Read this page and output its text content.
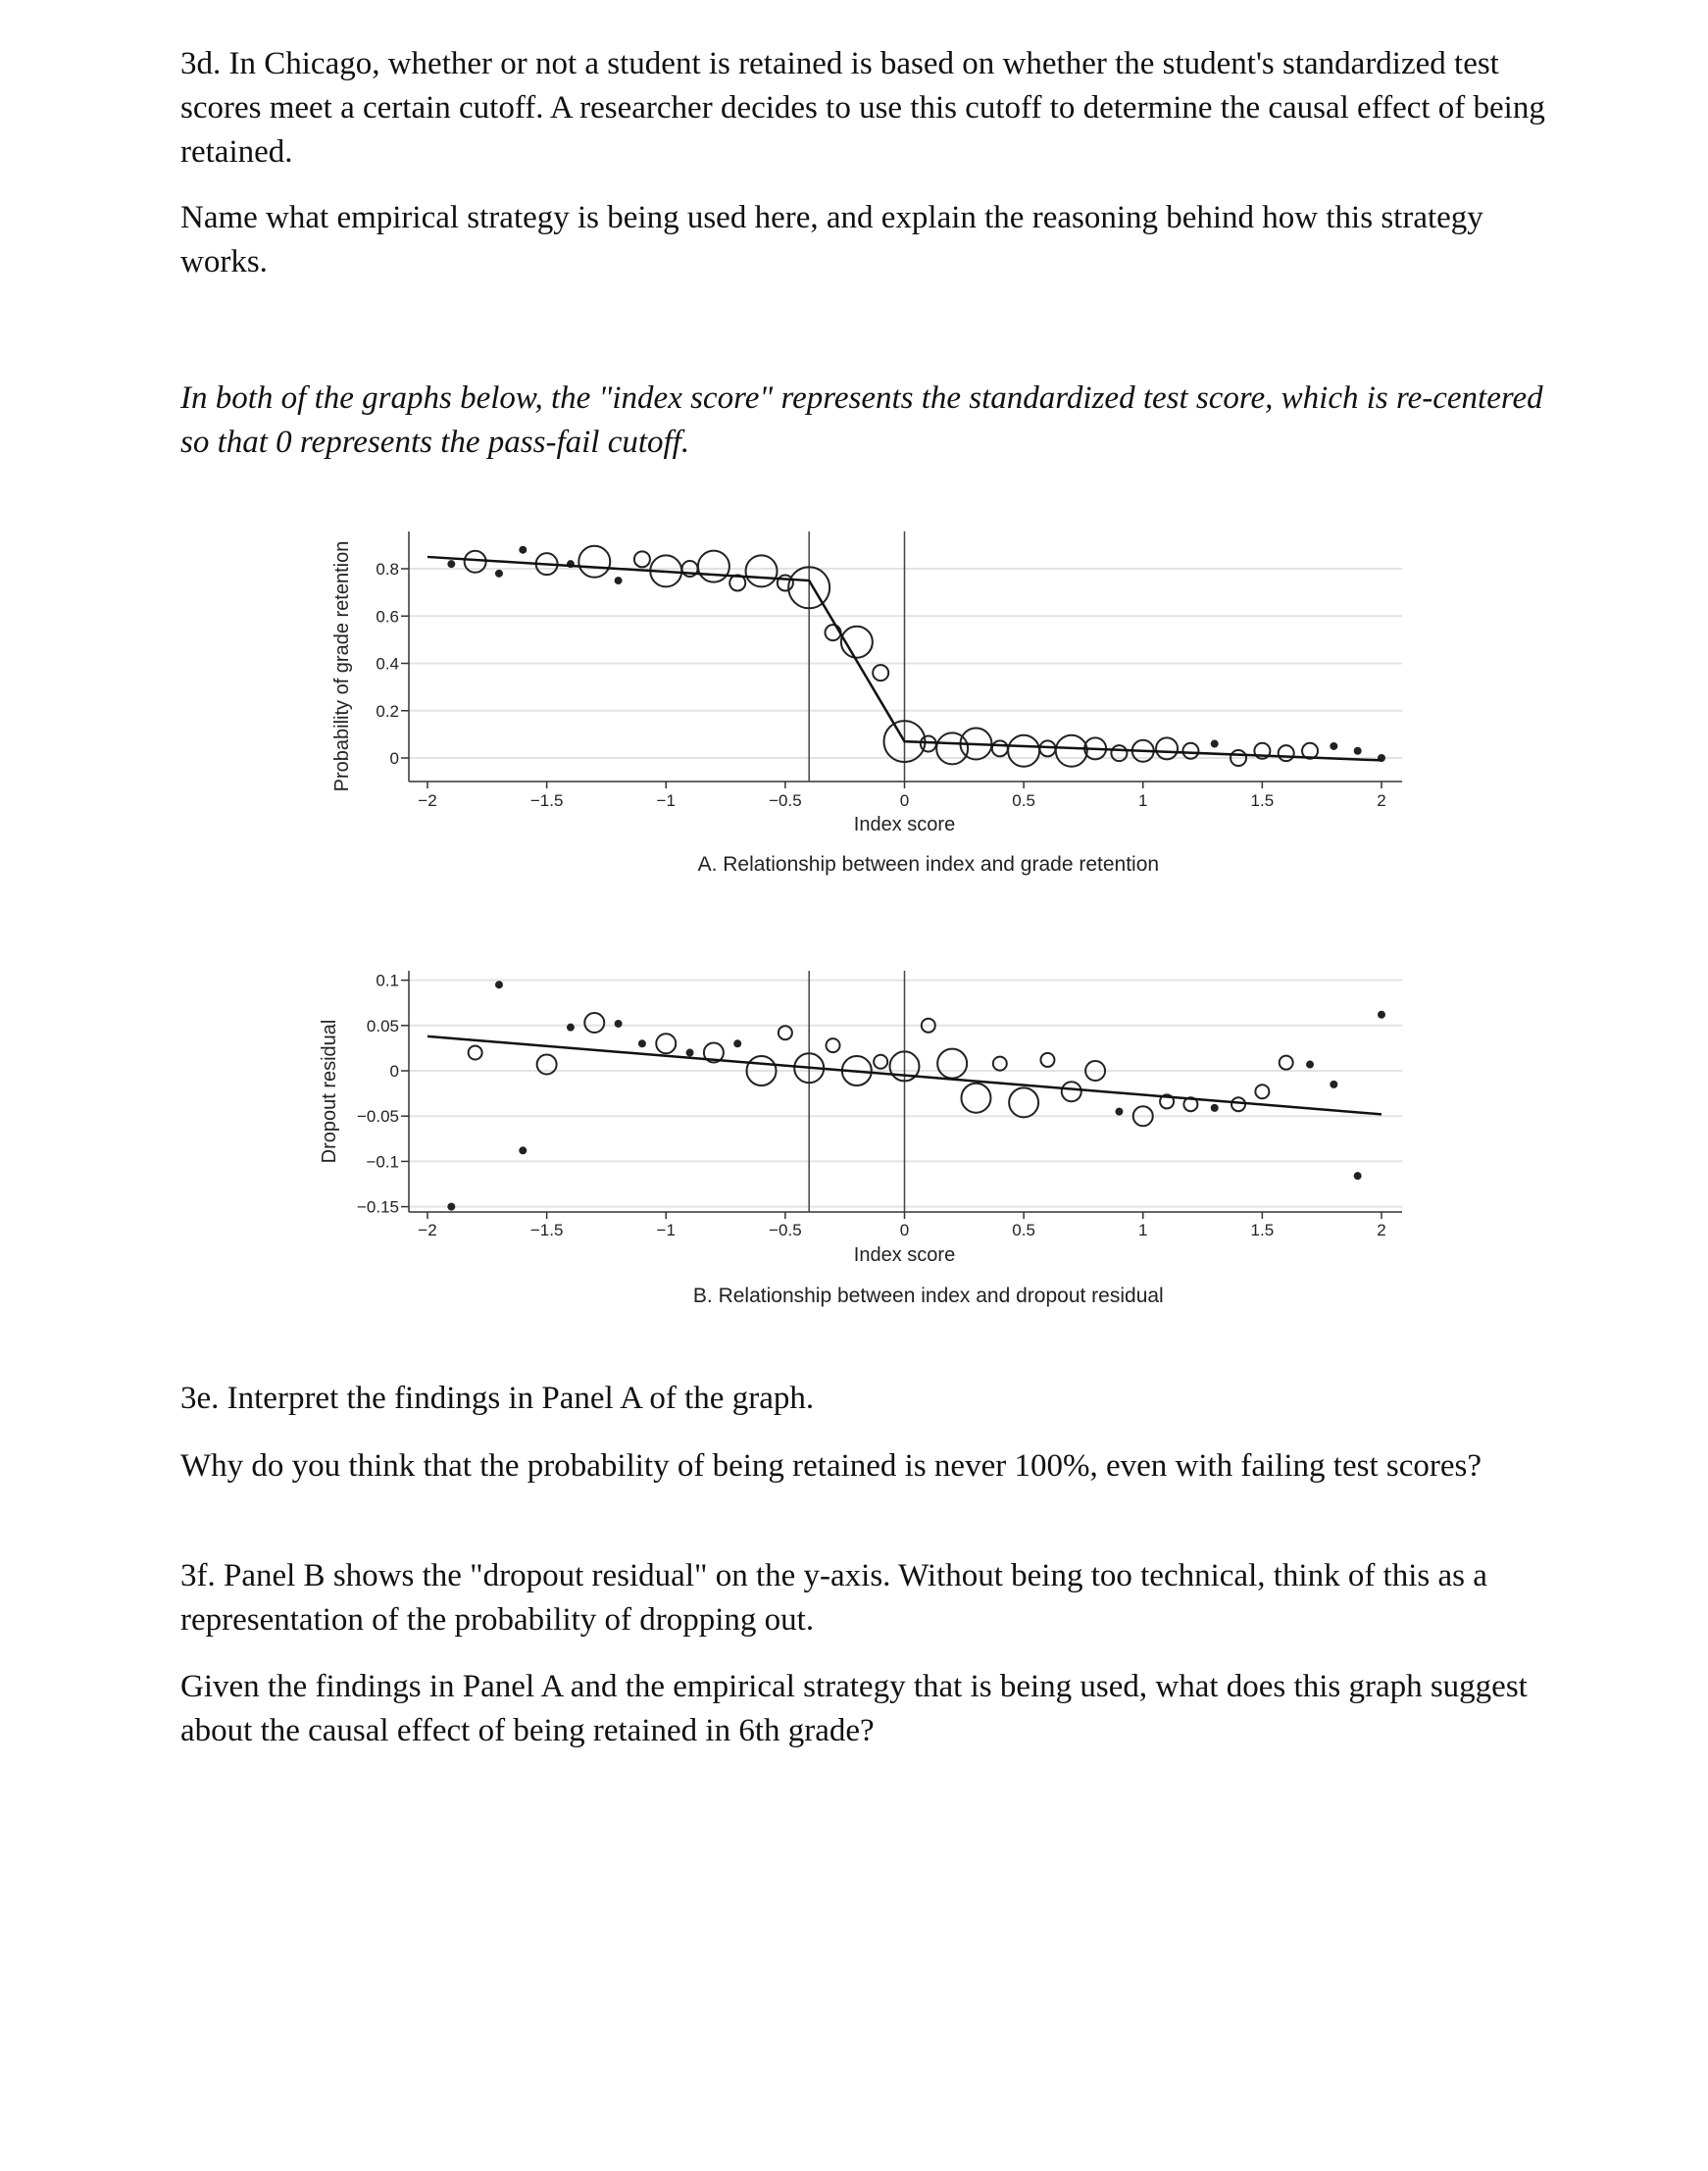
3d. In Chicago, whether or not a student is retained is based on whether the student's standardized test scores meet a certain cutoff. A researcher decides to use this cutoff to determine the causal effect of being retained.

Name what empirical strategy is being used here, and explain the reasoning behind how this strategy works.

In both of the graphs below, the "index score" represents the standardized test score, which is re-centered so that 0 represents the pass-fail cutoff.

0
0.2
0.4
0.6
0.8
−2	−1.5	−1	−0.5	0	0.5	1	1.5	2
Index score
A. Relationship between index and grade retention
Probability of grade retention
0.1
0.05
0
−0.05
−0.1
−0.15
−2	−1.5	−1	−0.5	0	0.5	1	1.5	2
Index score
B. Relationship between index and dropout residual
Dropout residual

3e. Interpret the findings in Panel A of the graph.

Why do you think that the probability of being retained is never 100%, even with failing test scores?

3f. Panel B shows the "dropout residual" on the y-axis. Without being too technical, think of this as a representation of the probability of dropping out.

Given the findings in Panel A and the empirical strategy that is being used, what does this graph suggest about the causal effect of being retained in 6th grade?
